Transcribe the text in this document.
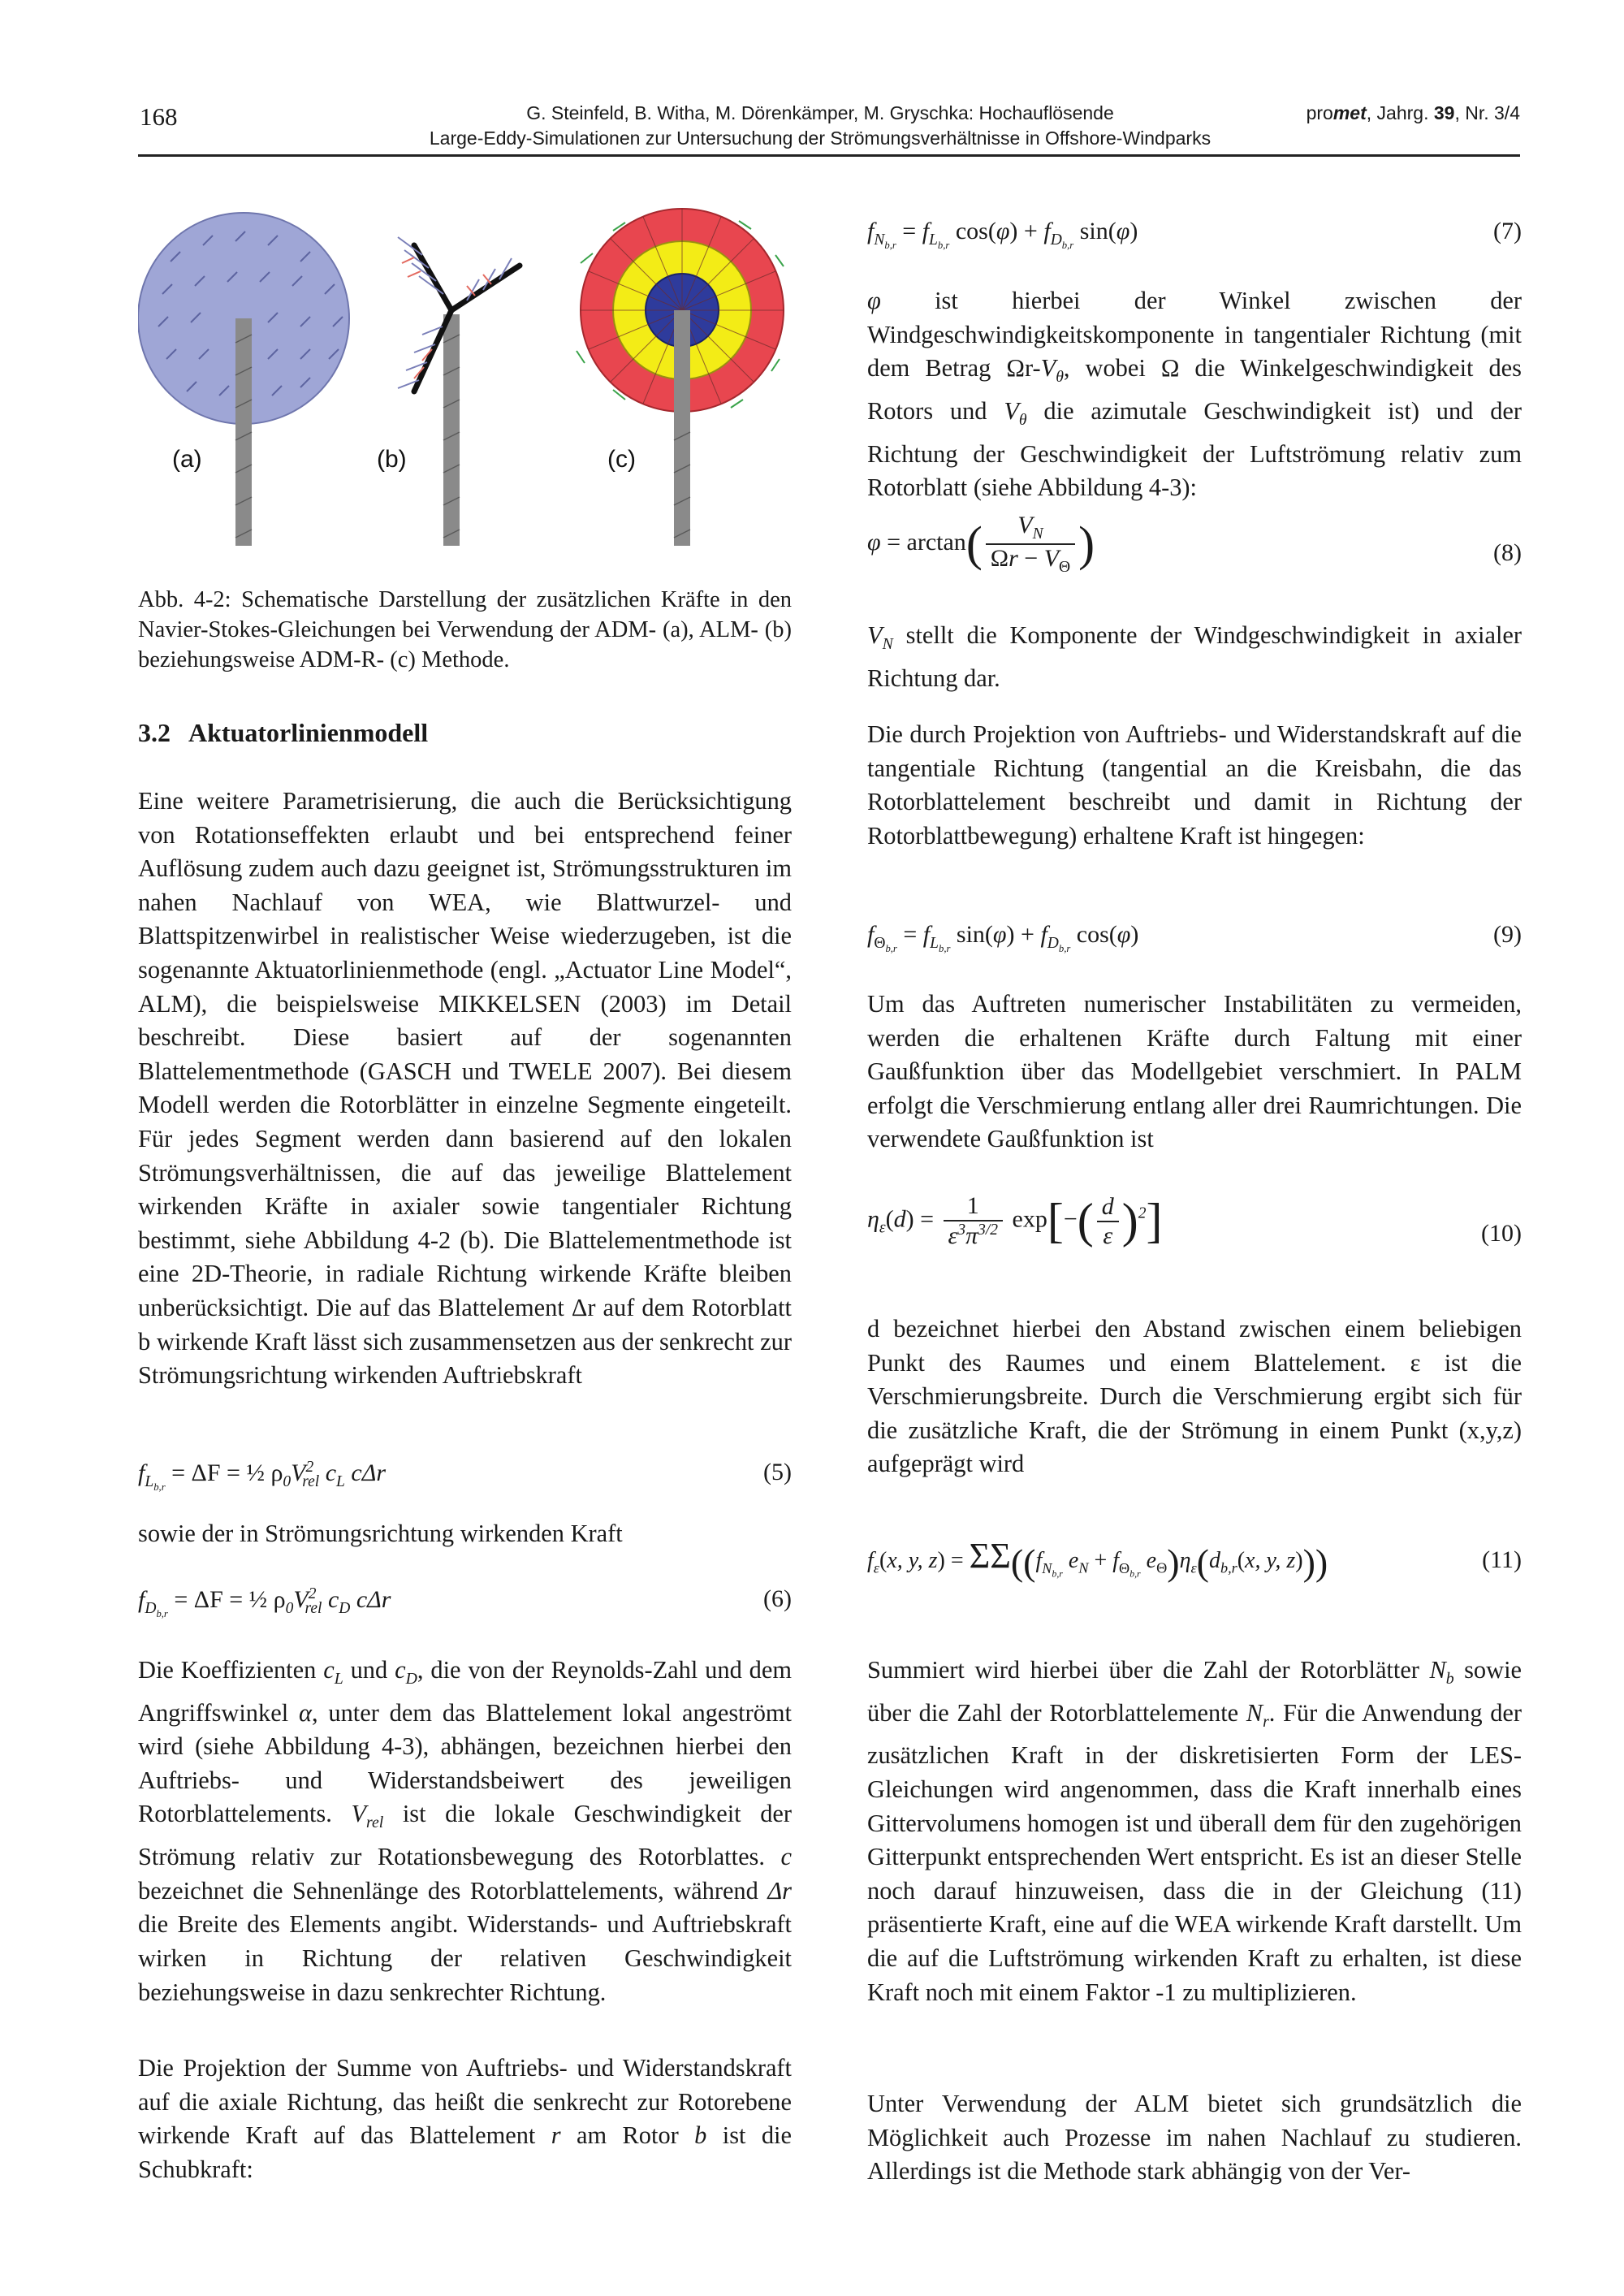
168	G. Steinfeld, B. Witha, M. Dörenkämper, M. Gryschka: Hochauflösende
Large-Eddy-Simulationen zur Untersuchung der Strömungsverhältnisse in Offshore-Windparks
promet, Jahrg. 39, Nr. 3/4
(a)	(b)	(c)
Abb. 4-2: Schematische Darstellung der zusätzlichen Kräfte in den Navier-Stokes-Gleichungen bei Verwendung der ADM- (a), ALM- (b) beziehungsweise ADM-R- (c) Methode.
3.2 Aktuatorlinienmodell

Eine weitere Parametrisierung, die auch die Berücksichtigung von Rotationseffekten erlaubt und bei entsprechend feiner Auflösung zudem auch dazu geeignet ist, Strömungsstrukturen im nahen Nachlauf von WEA, wie Blattwurzel- und Blattspitzenwirbel in realistischer Weise wiederzugeben, ist die sogenannte Aktuatorlinienmethode (engl. „Actuator Line Model“, ALM), die beispielsweise MIKKELSEN (2003) im Detail beschreibt. Diese basiert auf der sogenannten Blattelementmethode (GASCH und TWELE 2007). Bei diesem Modell werden die Rotorblätter in einzelne Segmente eingeteilt. Für jedes Segment werden dann basierend auf den lokalen Strömungsverhältnissen, die auf das jeweilige Blattelement wirkenden Kräfte in axialer sowie tangentialer Richtung bestimmt, siehe Abbildung 4-2 (b). Die Blattelementmethode ist eine 2D-Theorie, in radiale Richtung wirkende Kräfte bleiben unberücksichtigt. Die auf das Blattelement Δr auf dem Rotorblatt b wirkende Kraft lässt sich zusammensetzen aus der senkrecht zur Strömungsrichtung wirkenden Auftriebskraft

$f_{L_{b,r}} = \Delta F$ = ½ $\rho_0V^2_{rel}$ $c_L$ cΔr	(5)

sowie der in Strömungsrichtung wirkenden Kraft

$f_{D_{b,r}} = \Delta F$ = ½ $\rho_0V^2_{rel}$ $c_D$ cΔr	(6)

Die Koeffizienten $c_L$ und $c_D$, die von der Reynolds-Zahl und dem Angriffswinkel α, unter dem das Blattelement lokal angeströmt wird (siehe Abbildung 4-3), abhängen, bezeichnen hierbei den Auftriebs- und Widerstandsbeiwert des jeweiligen Rotorblattelements. $V_{rel}$ ist die lokale Geschwindigkeit der Strömung relativ zur Rotationsbewegung des Rotorblattes. c bezeichnet die Sehnenlänge des Rotorblattelements, während Δr die Breite des Elements angibt. Widerstands- und Auftriebskraft wirken in Richtung der relativen Geschwindigkeit beziehungsweise in dazu senkrechter Richtung.

Die Projektion der Summe von Auftriebs- und Widerstandskraft auf die axiale Richtung, das heißt die senkrecht zur Rotorebene wirkende Kraft auf das Blattelement r am Rotor b ist die Schubkraft:

$f_{N_{b,r}} = f_{L_{b,r}}$ $\cos(\varphi) + f_{D_{b,r}}$ sin(φ)	(7)

φ ist hierbei der Winkel zwischen der Windgeschwindigkeitskomponente in tangentialer Richtung (mit dem Betrag $\Omega r-V_\theta$, wobei Ω die Winkelgeschwindigkeit des Rotors und $V_\theta$ die azimutale Geschwindigkeit ist) und der Richtung der Geschwindigkeit der Luftströmung relativ zum Rotorblatt (siehe Abbildung 4-3):

$\varphi = \arctan( \frac{V_N}{\Omega r - V_\Theta}$ )	(8)

$V_N$ stellt die Komponente der Windgeschwindigkeit in axialer Richtung dar.

Die durch Projektion von Auftriebs- und Widerstandskraft auf die tangentiale Richtung (tangential an die Kreisbahn, die das Rotorblattelement beschreibt und damit in Richtung der Rotorblattbewegung) erhaltene Kraft ist hingegen:

$f_{\Theta_{b,r}} = f_{L_{b,r}}$ $\sin(\varphi) + f_{D_{b,r}}$ cos(φ)	(9)

Um das Auftreten numerischer Instabilitäten zu vermeiden, werden die erhaltenen Kräfte durch Faltung mit einer Gaußfunktion über das Modellgebiet verschmiert. In PALM erfolgt die Verschmierung entlang aller drei Raumrichtungen. Die verwendete Gaußfunktion ist

$\eta_\varepsilon(d) = \frac{1}{\varepsilon^3\pi^{3/2}} \exp[-( \frac{d}{\varepsilon} )^2]$	(10)

d bezeichnet hierbei den Abstand zwischen einem beliebigen Punkt des Raumes und einem Blattelement. ε ist die Verschmierungsbreite. Durch die Verschmierung ergibt sich für die zusätzliche Kraft, die der Strömung in einem Punkt (x,y,z) aufgeprägt wird

$f_\varepsilon(x$, y, $z) = \Sigma\Sigma((f_{N_{b,r}}$ $e_N + f_{\Theta_{b,r}}$ $e_\Theta)\eta_\varepsilon(d_{b,r}(x$, y, z)))	(11)

Summiert wird hierbei über die Zahl der Rotorblätter $N_b$ sowie über die Zahl der Rotorblattelemente $N_r$. Für die Anwendung der zusätzlichen Kraft in der diskretisierten Form der LES-Gleichungen wird angenommen, dass die Kraft innerhalb eines Gittervolumens homogen ist und überall dem für den zugehörigen Gitterpunkt entsprechenden Wert entspricht. Es ist an dieser Stelle noch darauf hinzuweisen, dass die in der Gleichung (11) präsentierte Kraft, eine auf die WEA wirkende Kraft darstellt. Um die auf die Luftströmung wirkenden Kraft zu erhalten, ist diese Kraft noch mit einem Faktor -1 zu multiplizieren.

Unter Verwendung der ALM bietet sich grundsätzlich die Möglichkeit auch Prozesse im nahen Nachlauf zu studieren. Allerdings ist die Methode stark abhängig von der Ver-
